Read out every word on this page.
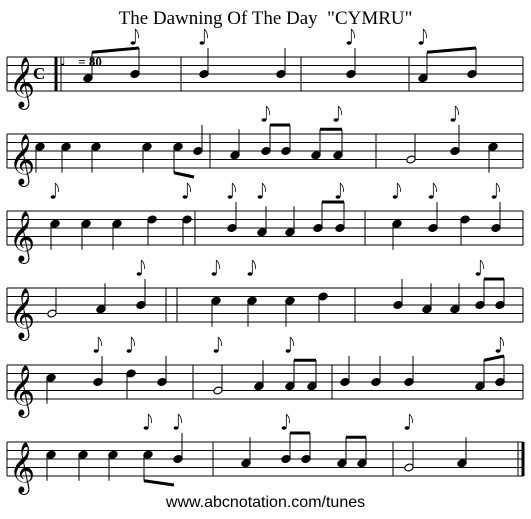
The Dawning Of The Day  "CYMRU"
♩ = 80
𝄞
C
𝄞
𝄞
𝄞
𝄞
𝄞
www.abcnotation.com/tunes
